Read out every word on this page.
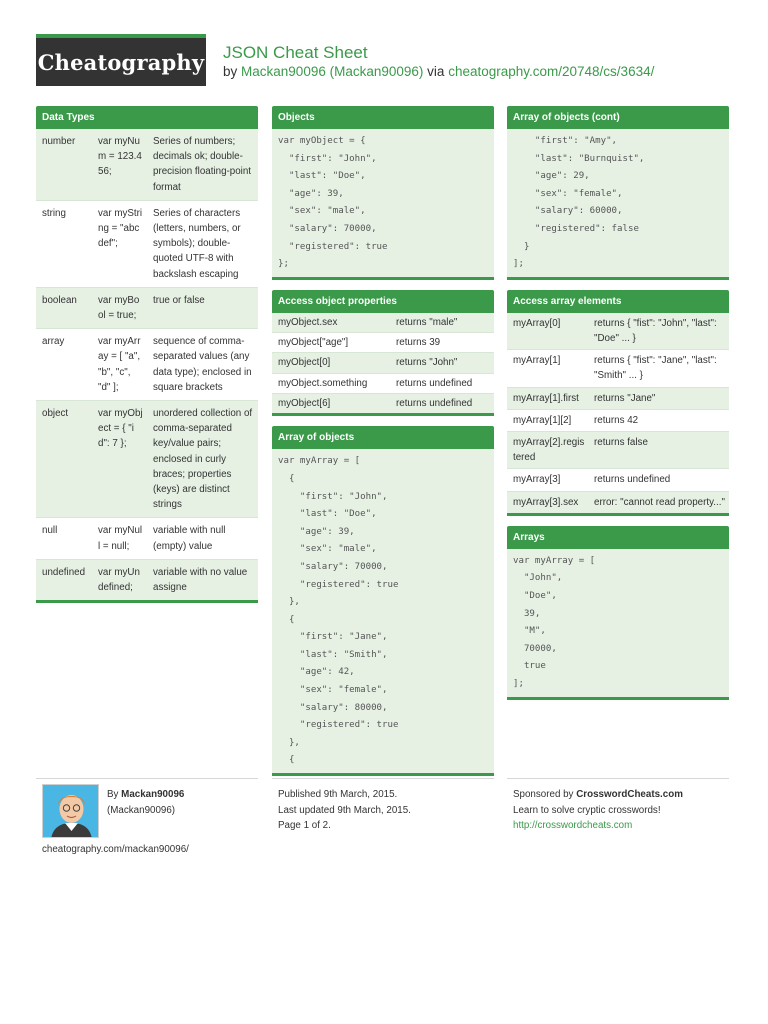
Cheatography JSON Cheat Sheet
by Mackan90096 (Mackan90096) via cheatography.com/20748/cs/3634/
Data Types
number	var myNum = 123.456;	Series of numbers; decimals ok; double-precision floating-point format
string	var myString = "abcdef";	Series of characters (letters, numbers, or symbols); double-quoted UTF-8 with backslash escaping
boolean	var myBool = true;	true or false
array	var myArray = [ "a", "b", "c", "d" ];	sequence of comma-separated values (any data type); enclosed in square brackets
object	var myObject = { "id": 7 };	unordered collection of comma-separated key/value pairs; enclosed in curly braces; properties (keys) are distinct strings
null	var myNull = null;	variable with null (empty) value
undefined	var myUndefined;	variable with no value assigne
Objects
var myObject = {
"first": "John",
"last": "Doe",
"age": 39,
"sex": "male",
"salary": 70000,
"registered": true
};
Access object properties
myObject.sex	returns "male"
myObject["age"]	returns 39
myObject[0]	returns "John"
myObject.something	returns undefined
myObject[6]	returns undefined
Array of objects
var myArray = [
{
"first": "John",
"last": "Doe",
"age": 39,
"sex": "male",
"salary": 70000,
"registered": true
},
{
"first": "Jane",
"last": "Smith",
"age": 42,
"sex": "female",
"salary": 80000,
"registered": true
},
{
Array of objects (cont)
"first": "Amy",
"last": "Burnquist",
"age": 29,
"sex": "female",
"salary": 60000,
"registered": false
}
];
Access array elements
myArray[0]	returns { "fist": "John", "last": "Doe" ... }
myArray[1]	returns { "fist": "Jane", "last": "Smith" ... }
myArray[1].first	returns "Jane"
myArray[1][2]	returns 42
myArray[2].registered	returns false
myArray[3]	returns undefined
myArray[3].sex	error: "cannot read property..."
Arrays
var myArray = [
"John",
"Doe",
39,
"M",
70000,
true
];
By Mackan90096
(Mackan90096)
cheatography.com/mackan90096/
Published 9th March, 2015.
Last updated 9th March, 2015.
Page 1 of 2.
Sponsored by CrosswordCheats.com
Learn to solve cryptic crosswords!
http://crosswordcheats.com
